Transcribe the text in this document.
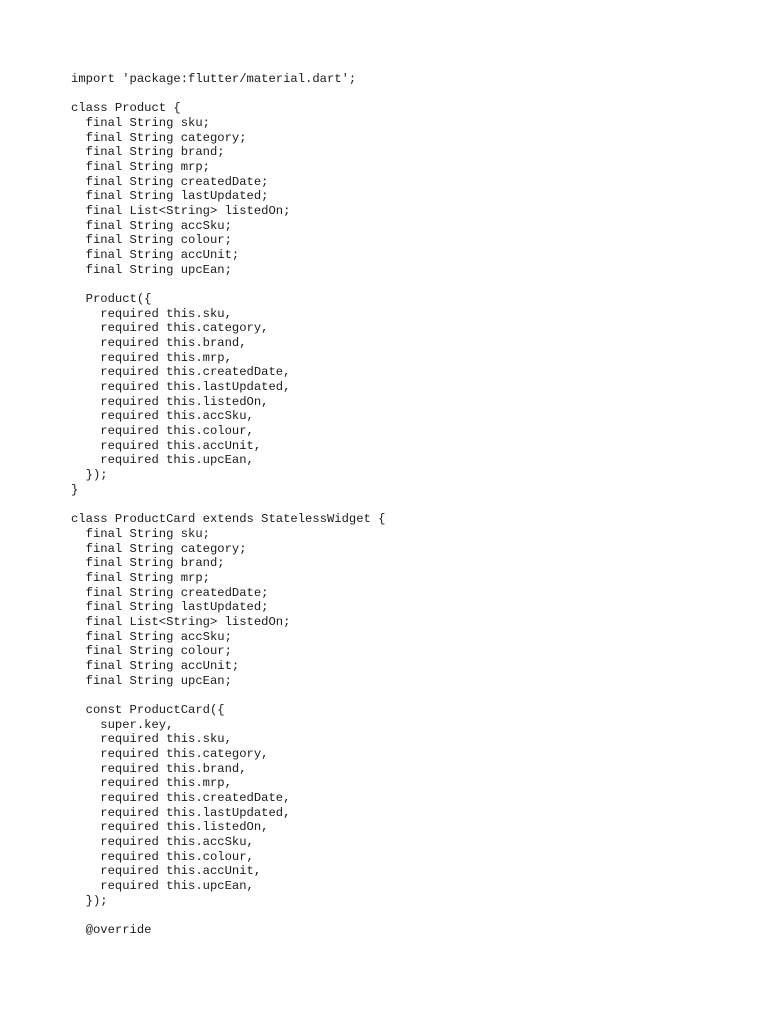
import 'package:flutter/material.dart';
class Product {
final String sku;
final String category;
final String brand;
final String mrp;
final String createdDate;
final String lastUpdated;
final List<String> listedOn;
final String accSku;
final String colour;
final String accUnit;
final String upcEan;
Product({
required this.sku,
required this.category,
required this.brand,
required this.mrp,
required this.createdDate,
required this.lastUpdated,
required this.listedOn,
required this.accSku,
required this.colour,
required this.accUnit,
required this.upcEan,
});
}
class ProductCard extends StatelessWidget {
final String sku;
final String category;
final String brand;
final String mrp;
final String createdDate;
final String lastUpdated;
final List<String> listedOn;
final String accSku;
final String colour;
final String accUnit;
final String upcEan;
const ProductCard({
super.key,
required this.sku,
required this.category,
required this.brand,
required this.mrp,
required this.createdDate,
required this.lastUpdated,
required this.listedOn,
required this.accSku,
required this.colour,
required this.accUnit,
required this.upcEan,
});
@override
